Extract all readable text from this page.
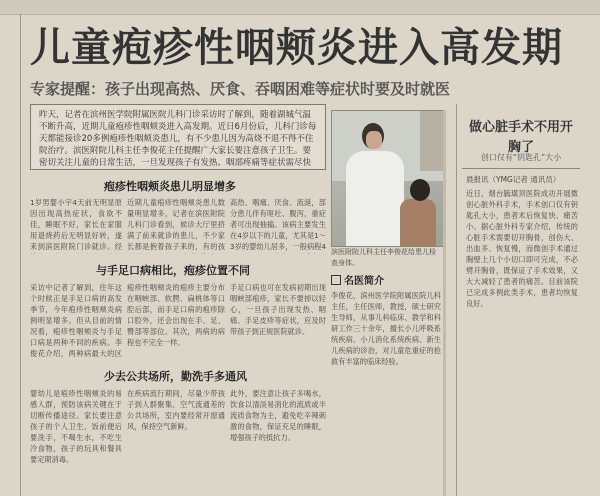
儿童疱疹性咽颊炎进入高发期
专家提醒：孩子出现高热、厌食、吞咽困难等症状时要及时就医
昨天，记者在滨州医学院附属医院儿科门诊采访时了解到，随着湖城气温不断升高，近期儿童疱疹性咽颊炎进入高发期。近日6月份后，儿科门诊每天都能接诊20多例疱疹性咽颊炎患儿，有不少患儿因为高烧不退不得不住院治疗。滨医附院儿科主任李俊花主任提醒广大家长要注意孩子卫生。要密切关注儿童的日常生活，一旦发现孩子有发热、咽部疼痛等症状需尽快
疱疹性咽颊炎患儿明显增多
1岁男婴小宇4天前无明显原因出现高热症状，食欲不佳，睡眠不好，家长在家服用退烧药后无明显好转，遂来到滨医附院门诊就诊。经
近期儿童疱疹性咽颊炎患儿数量明显增多，记者在滨医附院儿科门诊看到，候诊大厅里挤满了前来就诊的患儿，不少家长都是抱着孩子来的，有的孩
高热、咽痛、厌食、流涎，部分患儿伴有呕吐、腹泻，重症者可出现抽搐。该病主要发生在4岁以下的儿童，尤其是1～3岁的婴幼儿居多，一般病程4
与手足口病相比，疱疹位置不同
采访中记者了解到，往年这个时候正是手足口病的高发季节，今年疱疹性咽颊炎病例明显增多。但从目前的情况看，疱疹性咽颊炎与手足口病是两种不同的疾病。李俊花介绍，两种病最大的区
疱疹性咽颊炎的疱疹主要分布在咽峡部、软腭、扁桃体等口腔后部，而手足口病的疱疹除口腔外，还会出现在手、足、臀部等部位。其次，两病的病程也不完全一样。
手足口病也可在发病初期出现咽峡部疱疹，家长不要掉以轻心，一旦孩子出现发热、咽痛、手足皮疹等症状，应及时带孩子到正规医院就诊。
少去公共场所，勤洗手多通风
婴幼儿是疱疹性咽颊炎的易感人群，预防该病关键在于切断传播途径。家长要注意孩子的个人卫生，饭前便后要洗手，不喝生水，不吃生冷食物，孩子的玩具和餐具要定期消毒。
在疾病流行期间，尽量少带孩子到人群聚集、空气流通差的公共场所，室内要经常开窗通风，保持空气新鲜。
此外，要注意让孩子多喝水，饮食以清淡易消化的流质或半流质食物为主，避免吃辛辣刺激的食物，保证充足的睡眠，增强孩子的抵抗力。
滨医附院儿科主任李俊花给患儿检查身体。
名医简介
李俊花，滨州医学院附属医院儿科主任，主任医师，教授，硕士研究生导师，从事儿科临床、教学和科研工作三十余年，擅长小儿呼吸系统疾病、小儿消化系统疾病、新生儿疾病的诊治，对儿童危重症的抢救有丰富的临床经验。
做心脏手术不用开胸了
创口仅有“钥匙孔”大小
晨报讯（YMG记者 通讯员）
近日，烟台毓璜顶医院成功开展微创心脏外科手术，手术创口仅有钥匙孔大小，患者术后恢复快、痛苦小。据心脏外科专家介绍，传统的心脏手术需要切开胸骨，创伤大、出血多、恢复慢，而微创手术通过胸壁上几个小切口即可完成，不必劈开胸骨，既保证了手术效果，又大大减轻了患者的痛苦。目前该院已完成多例此类手术，患者均恢复良好。
